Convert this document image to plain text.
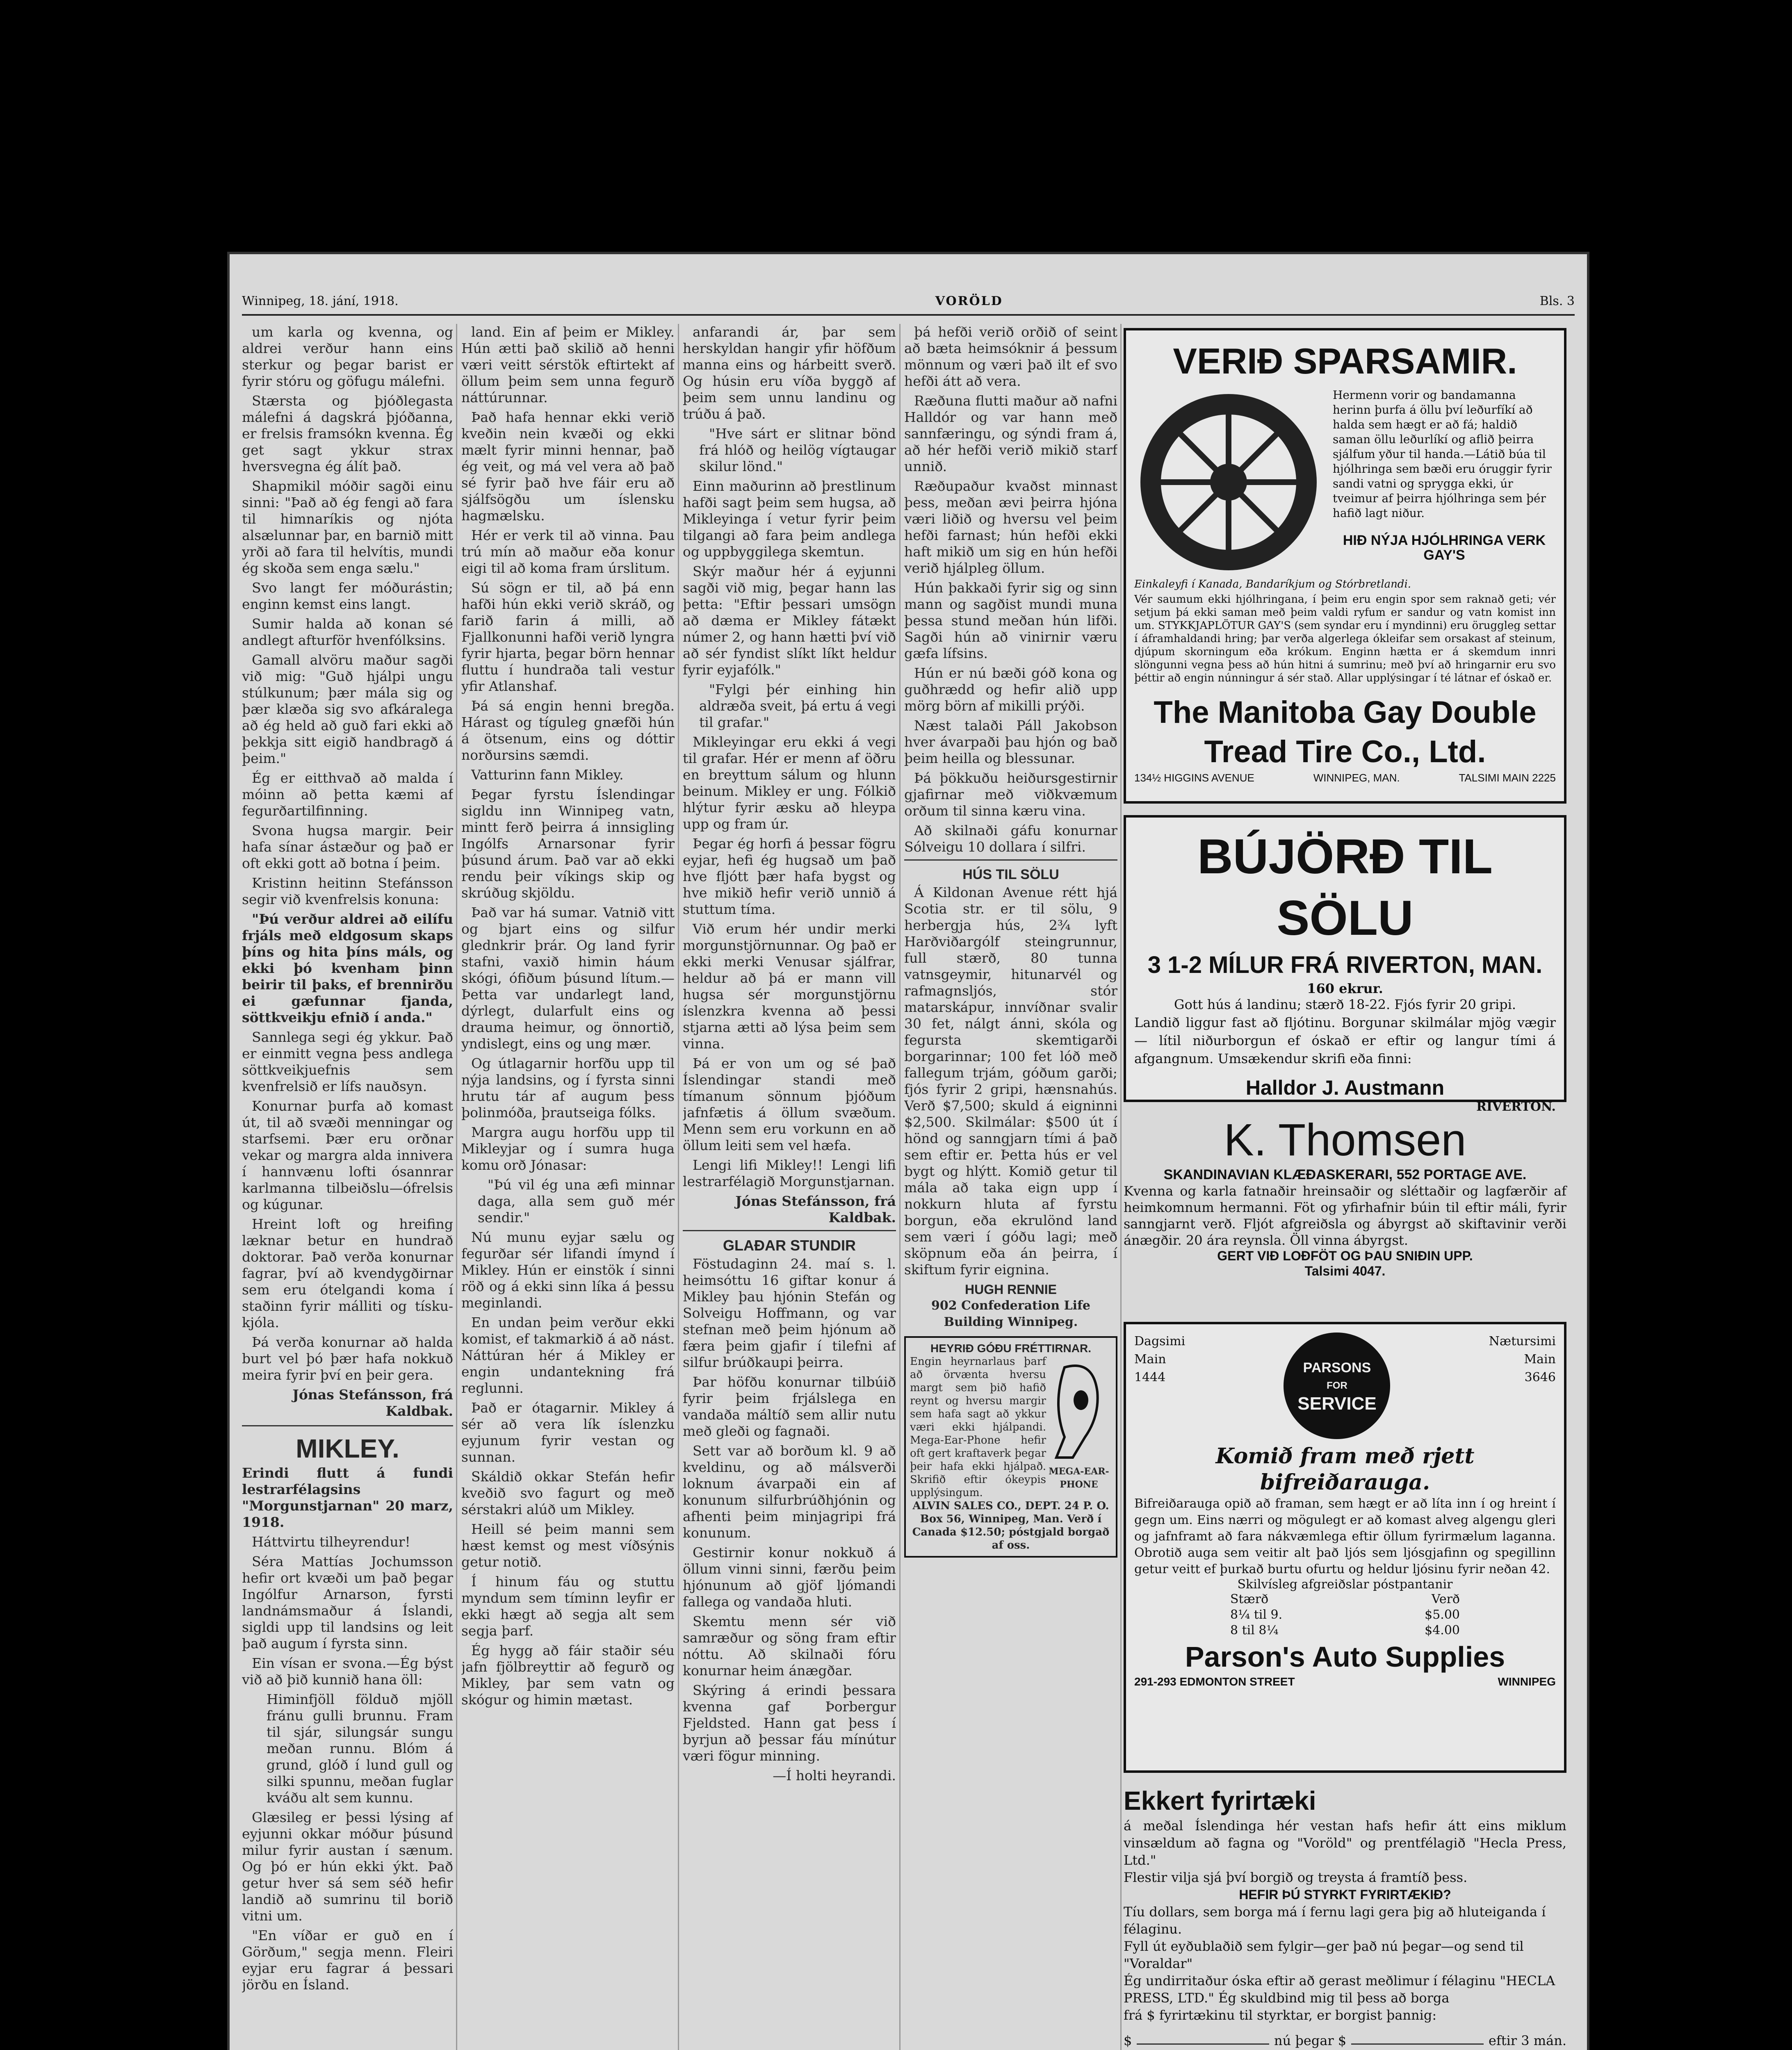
Winnipeg, 18. jání, 1918.	VORÖLD	Bls. 3

um karla og kvenna, og aldrei verður hann eins sterkur og þegar barist er fyrir stóru og göfugu málefni.

Stærsta og þjóðlegasta málefni á dagskrá þjóðanna, er frelsis framsókn kvenna. Ég get sagt ykkur strax hversvegna ég álít það.

Shapmikil móðir sagði einu sinni: "Það að ég fengi að fara til himnaríkis og njóta alsælunnar þar, en barnið mitt yrði að fara til helvítis, mundi ég skoða sem enga sælu."

Svo langt fer móðurástin; enginn kemst eins langt.

Sumir halda að konan sé andlegt afturför hvenfólksins.

Gamall alvöru maður sagði við mig: "Guð hjálpi ungu stúlkunum; þær mála sig og þær klæða sig svo afkáralega að ég held að guð fari ekki að þekkja sitt eigið handbragð á þeim."

Ég er eitthvað að malda í móinn að þetta kæmi af fegurðartilfinning.

Svona hugsa margir. Þeir hafa sínar ástæður og það er oft ekki gott að botna í þeim.

Kristinn heitinn Stefánsson segir við kvenfrelsis konuna:

"Þú verður aldrei að eilífu frjáls með eldgosum skaps þíns og hita þíns máls, og ekki þó kvenham þinn beirir til þaks, ef brennirðu ei gæfunnar fjanda, söttkveikju efnið í anda."

Sannlega segi ég ykkur. Það er einmitt vegna þess andlega söttkveikjuefnis sem kvenfrelsið er lífs nauðsyn.

Konurnar þurfa að komast út, til að svæði menningar og starfsemi. Þær eru orðnar vekar og margra alda innivera í hannvænu lofti ósannrar karlmanna tilbeiðslu—ófrelsis og kúgunar.

Hreint loft og hreifing læknar betur en hundrað doktorar. Það verða konurnar fagrar, því að kvendygðirnar sem eru ótelgandi koma í staðinn fyrir málliti og tísku-kjóla.

Þá verða konurnar að halda burt vel þó þær hafa nokkuð meira fyrir því en þeir gera.

Jónas Stefánsson, frá Kaldbak.

MIKLEY.

Erindi flutt á fundi lestrarfélagsins "Morgunstjarnan" 20 marz, 1918.

Háttvirtu tilheyrendur!

Séra Mattías Jochumsson hefir ort kvæði um það þegar Ingólfur Arnarson, fyrsti landnámsmaður á Íslandi, sigldi upp til landsins og leit það augum í fyrsta sinn.

Ein vísan er svona.—Ég býst við að þið kunnið hana öll:

Himinfjöll földuð mjöll fránu gulli brunnu. Fram til sjár, silungsár sungu meðan runnu. Blóm á grund, glóð í lund gull og silki spunnu, meðan fuglar kváðu alt sem kunnu.

Glæsileg er þessi lýsing af eyjunni okkar móður þúsund milur fyrir austan í sænum. Og þó er hún ekki ýkt. Það getur hver sá sem séð hefir landið að sumrinu til borið vitni um.

"En víðar er guð en í Görðum," segja menn. Fleiri eyjar eru fagrar á þessari jörðu en Ísland.

land. Ein af þeim er Mikley. Hún ætti það skilið að henni væri veitt sérstök eftirtekt af öllum þeim sem unna fegurð náttúrunnar.

Það hafa hennar ekki verið kveðin nein kvæði og ekki mælt fyrir minni hennar, það ég veit, og má vel vera að það sé fyrir það hve fáir eru að sjálfsögðu um íslensku hagmælsku.

Hér er verk til að vinna. Þau trú mín að maður eða konur eigi til að koma fram úrslitum.

Sú sögn er til, að þá enn hafði hún ekki verið skráð, og farið farin á milli, að Fjallkonunni hafði verið lyngra fyrir hjarta, þegar börn hennar fluttu í hundraða tali vestur yfir Atlanshaf.

Þá sá engin henni bregða. Hárast og tíguleg gnæfði hún á ötsenum, eins og dóttir norðursins sæmdi.

Vatturinn fann Mikley.

Þegar fyrstu Íslendingar sigldu inn Winnipeg vatn, mintt ferð þeirra á innsigling Ingólfs Arnarsonar fyrir þúsund árum. Það var að ekki rendu þeir víkings skip og skrúðug skjöldu.

Það var há sumar. Vatnið vitt og bjart eins og silfur glednkrir þrár. Og land fyrir stafni, vaxið himin háum skógi, ófiðum þúsund lítum.—Þetta var undarlegt land, dýrlegt, dularfult eins og drauma heimur, og önnortið, yndislegt, eins og ung mær.

Og útlagarnir horfðu upp til nýja landsins, og í fyrsta sinni hrutu tár af augum þess þolinmóða, þrautseiga fólks.

Margra augu horfðu upp til Mikleyjar og í sumra huga komu orð Jónasar:

"Þú vil ég una æfi minnar daga, alla sem guð mér sendir."

Nú munu eyjar sælu og fegurðar sér lifandi ímynd í Mikley. Hún er einstök í sinni röð og á ekki sinn líka á þessu meginlandi.

En undan þeim verður ekki komist, ef takmarkið á að nást. Náttúran hér á Mikley er engin undantekning frá reglunni.

Það er ótagarnir. Mikley á sér að vera lík íslenzku eyjunum fyrir vestan og sunnan.

Skáldið okkar Stefán hefir kveðið svo fagurt og með sérstakri alúð um Mikley.

Heill sé þeim manni sem hæst kemst og mest víðsýnis getur notið.

Í hinum fáu og stuttu myndum sem tíminn leyfir er ekki hægt að segja alt sem segja þarf.

Ég hygg að fáir staðir séu jafn fjölbreyttir að fegurð og Mikley, þar sem vatn og skógur og himin mætast.

anfarandi ár, þar sem herskyldan hangir yfir höfðum manna eins og hárbeitt sverð. Og húsin eru víða byggð af þeim sem unnu landinu og trúðu á það.

"Hve sárt er slitnar bönd frá hlóð og heilög vígtaugar skilur lönd."

Einn maðurinn að þrestlinum hafði sagt þeim sem hugsa, að Mikleyinga í vetur fyrir þeim tilgangi að fara þeim andlega og uppbyggilega skemtun.

Skýr maður hér á eyjunni sagði við mig, þegar hann las þetta: "Eftir þessari umsögn að dæma er Mikley fátækt númer 2, og hann hætti því við að sér fyndist slíkt líkt heldur fyrir eyjafólk."

"Fylgi þér einhing hin aldræða sveit, þá ertu á vegi til grafar."

Mikleyingar eru ekki á vegi til grafar. Hér er menn af öðru en breyttum sálum og hlunn beinum. Mikley er ung. Fólkið hlýtur fyrir æsku að hleypa upp og fram úr.

Þegar ég horfi á þessar fögru eyjar, hefi ég hugsað um það hve fljótt þær hafa bygst og hve mikið hefir verið unnið á stuttum tíma.

Við erum hér undir merki morgunstjörnunnar. Og það er ekki merki Venusar sjálfrar, heldur að þá er mann vill hugsa sér morgunstjörnu íslenzkra kvenna að þessi stjarna ætti að lýsa þeim sem vinna.

Þá er von um og sé það Íslendingar standi með tímanum sönnum þjóðum jafnfætis á öllum svæðum. Menn sem eru vorkunn en að öllum leiti sem vel hæfa.

Lengi lifi Mikley!! Lengi lifi lestrarfélagið Morgunstjarnan.

Jónas Stefánsson, frá Kaldbak.

GLAÐAR STUNDIR

Föstudaginn 24. maí s. l. heimsóttu 16 giftar konur á Mikley þau hjónin Stefán og Solveigu Hoffmann, og var stefnan með þeim hjónum að færa þeim gjafir í tilefni af silfur brúðkaupi þeirra.

Þar höfðu konurnar tilbúið fyrir þeim frjálslega en vandaða máltíð sem allir nutu með gleði og fagnaði.

Sett var að borðum kl. 9 að kveldinu, og að málsverði loknum ávarpaði ein af konunum silfurbrúðhjónin og afhenti þeim minjagripi frá konunum.

Gestirnir konur nokkuð á öllum vinni sinni, færðu þeim hjónunum að gjöf ljómandi fallega og vandaða hluti.

Skemtu menn sér við samræður og söng fram eftir nóttu. Að skilnaði fóru konurnar heim ánægðar.

Skýring á erindi þessara kvenna gaf Þorbergur Fjeldsted. Hann gat þess í byrjun að þessar fáu mínútur væri fögur minning.

—Í holti heyrandi.

þá hefði verið orðið of seint að bæta heimsóknir á þessum mönnum og væri það ilt ef svo hefði átt að vera.

Ræðuna flutti maður að nafni Halldór og var hann með sannfæringu, og sýndi fram á, að hér hefði verið mikið starf unnið.

Ræðupaður kvaðst minnast þess, meðan ævi þeirra hjóna væri liðið og hversu vel þeim hefði farnast; hún hefði ekki haft mikið um sig en hún hefði verið hjálpleg öllum.

Hún þakkaði fyrir sig og sinn mann og sagðist mundi muna þessa stund meðan hún lifði. Sagði hún að vinirnir væru gæfa lífsins.

Hún er nú bæði góð kona og guðhrædd og hefir alið upp mörg börn af mikilli prýði.

Næst talaði Páll Jakobson hver ávarpaði þau hjón og bað þeim heilla og blessunar.

Þá þökkuðu heiðursgestirnir gjafirnar með viðkvæmum orðum til sinna kæru vina.

Að skilnaði gáfu konurnar Sólveigu 10 dollara í silfri.

HÚS TIL SÖLU

Á Kildonan Avenue rétt hjá Scotia str. er til sölu, 9 herbergja hús, 2¾ lyft Harðviðargólf steingrunnur, full stærð, 80 tunna vatnsgeymir, hitunarvél og rafmagnsljós, stór matarskápur, innvíðnar svalir 30 fet, nálgt ánni, skóla og fegursta skemtigarði borgarinnar; 100 fet lóð með fallegum trjám, góðum garði; fjós fyrir 2 gripi, hænsnahús. Verð $7,500; skuld á eigninni $2,500. Skilmálar: $500 út í hönd og sanngjarn tími á það sem eftir er. Þetta hús er vel bygt og hlýtt. Komið getur til mála að taka eign upp í nokkurn hluta af fyrstu borgun, eða ekrulönd land sem væri í góðu lagi; með sköpnum eða án þeirra, í skiftum fyrir eignina.

HUGH RENNIE
902 Confederation Life Building Winnipeg.
HEYRIÐ GÓÐU FRÉTTIRNAR.
Engin heyrnarlaus þarf að örvænta hversu margt sem þið hafið reynt og hversu margir sem hafa sagt að ykkur væri ekki hjálpandi. Mega-Ear-Phone hefir oft gert kraftaverk þegar þeir hafa ekki hjálpað. Skrifið eftir ókeypis upplýsingum.
MEGA-EAR-PHONE
ALVIN SALES CO., DEPT. 24 P. O. Box 56, Winnipeg, Man. Verð í Canada $12.50; póstgjald borgað af oss.
VERIÐ SPARSAMIR.
Hermenn vorir og bandamanna herinn þurfa á öllu því leðurfíkí að halda sem hægt er að fá; haldið saman öllu leðurlíkí og aflið þeirra sjálfum yður til handa.—Látið búa til hjólhringa sem bæði eru óruggir fyrir sandi vatni og sprygga ekki, úr tveimur af þeirra hjólhringa sem þér hafið lagt niður.
HIÐ NÝJA HJÓLHRINGA VERK GAY'S
Einkaleyfi í Kanada, Bandaríkjum og Stórbretlandi.
Vér saumum ekki hjólhringana, í þeim eru engin spor sem raknað geti; vér setjum þá ekki saman með þeim valdi ryfum er sandur og vatn komist inn um. STYKKJAPLÖTUR GAY'S (sem syndar eru í myndinni) eru öruggleg settar í áframhaldandi hring; þar verða algerlega ókleifar sem orsakast af steinum, djúpum skorningum eða krókum. Enginn hætta er á skemdum innri slöngunni vegna þess að hún hitni á sumrinu; með því að hringarnir eru svo þéttir að engin núnningur á sér stað. Allar upplýsingar í té látnar ef óskað er.
The Manitoba Gay Double Tread Tire Co., Ltd.
134½ HIGGINS AVENUE	WINNIPEG, MAN.	TALSIMI MAIN 2225
BÚJÖRÐ TIL SÖLU
3 1-2 MÍLUR FRÁ RIVERTON, MAN.
160 ekrur.
Gott hús á landinu; stærð 18-22. Fjós fyrir 20 gripi.
Landið liggur fast að fljótinu. Borgunar skilmálar mjög vægir — lítil niðurborgun ef óskað er eftir og langur tími á afgangnum. Umsækendur skrifi eða finni:
Halldor J. Austmann
RIVERTON.
K. Thomsen
SKANDINAVIAN KLÆÐASKERARI, 552 PORTAGE AVE.
Kvenna og karla fatnaðir hreinsaðir og sléttaðir og lagfærðir af heimkomnum hermanni. Föt og yfirhafnir búin til eftir máli, fyrir sanngjarnt verð. Fljót afgreiðsla og ábyrgst að skiftavinir verði ánægðir. 20 ára reynsla. Öll vinna ábyrgst.
GERT VIÐ LOÐFÖT OG ÞAU SNIÐIN UPP.
Talsimi 4047.
Dagsimi
Main
1444
PARSONS
FOR
SERVICE
Nætursimi
Main
3646
Komið fram með rjett bifreiðarauga.
Bifreiðarauga opið að framan, sem hægt er að líta inn í og hreint í gegn um. Eins nærri og mögulegt er að komast alveg algengu gleri og jafnframt að fara nákvæmlega eftir öllum fyrirmælum laganna. Obrotið auga sem veitir alt það ljós sem ljósgjafinn og spegillinn getur veitt ef þurkað burtu ofurtu og heldur ljósinu fyrir neðan 42.
Skilvísleg afgreiðslar póstpantanir
Stærð	Verð
8¼ til 9.	$5.00
8 til 8¼	$4.00
Parson's Auto Supplies
291-293 EDMONTON STREET	WINNIPEG
Ekkert fyrirtæki
á meðal Íslendinga hér vestan hafs hefir átt eins miklum vinsældum að fagna og "Voröld" og prentfélagið "Hecla Press, Ltd."
Flestir vilja sjá því borgið og treysta á framtíð þess.
HEFIR ÞÚ STYRKT FYRIRTÆKIÐ?
Tíu dollars, sem borga má í fernu lagi gera þig að hluteiganda í félaginu.
Fyll út eyðublaðið sem fylgir—ger það nú þegar—og send til "Voraldar"
Ég undirritaður óska eftir að gerast meðlimur í félaginu "HECLA PRESS, LTD." Ég skuldbind mig til þess að borga
frá $ fyrirtækinu til styrktar, er borgist þannig:
$	nú þegar $	eftir 3 mán.
